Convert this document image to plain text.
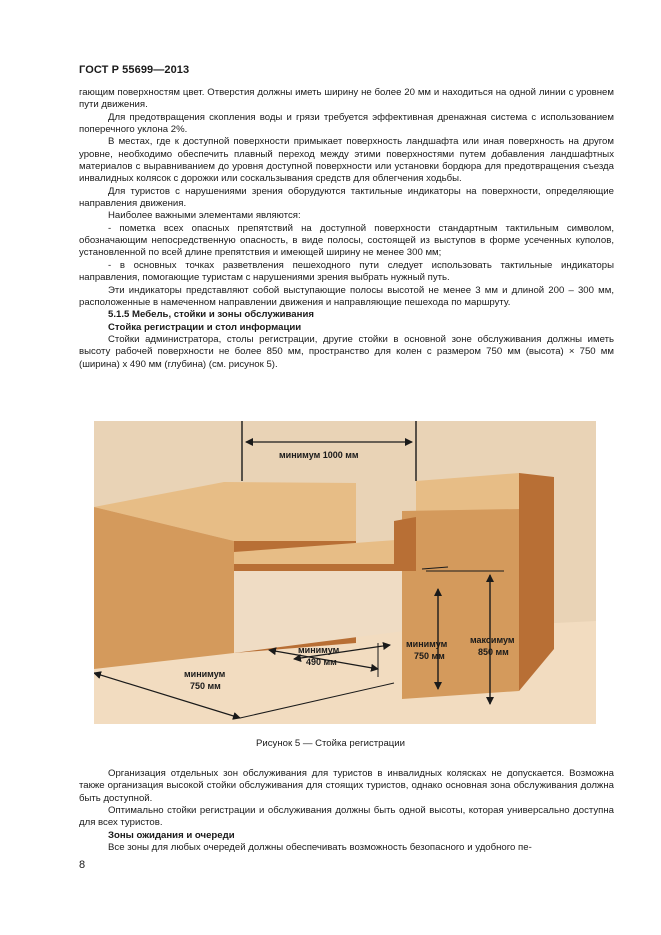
ГОСТ Р 55699—2013

гающим поверхностям цвет. Отверстия должны иметь ширину не более 20 мм и находиться на одной линии с уровнем пути движения.

Для предотвращения скопления воды и грязи требуется эффективная дренажная система с использованием поперечного уклона 2%.

В местах, где к доступной поверхности примыкает поверхность ландшафта или иная поверхность на другом уровне, необходимо обеспечить плавный переход между этими поверхностями путем добавления ландшафтных материалов с выравниванием до уровня доступной поверхности или установки бордюра для предотвращения съезда инвалидных колясок с дорожки или соскальзывания средств для облегчения ходьбы.

Для туристов с нарушениями зрения оборудуются тактильные индикаторы на поверхности, определяющие направления движения.

Наиболее важными элементами являются:

- пометка всех опасных препятствий на доступной поверхности стандартным тактильным символом, обозначающим непосредственную опасность, в виде полосы, состоящей из выступов в форме усеченных куполов, установленной по всей длине препятствия и имеющей ширину не менее 300 мм;

- в основных точках разветвления пешеходного пути следует использовать тактильные индикаторы направления, помогающие туристам с нарушениями зрения выбрать нужный путь.

Эти индикаторы представляют собой выступающие полосы высотой не менее 3 мм и длиной 200 – 300 мм, расположенные в намеченном направлении движения и направляющие пешехода по маршруту.

5.1.5 Мебель, стойки и зоны обслуживания

Стойка регистрации и стол информации

Стойки администратора, столы регистрации, другие стойки в основной зоне обслуживания должны иметь высоту рабочей поверхности не более 850 мм, пространство для колен с размером 750 мм (высота) × 750 мм (ширина) х 490 мм (глубина) (см. рисунок 5).

минимум 1000 мм
минимум
490 мм
минимум
750 мм
минимум
750 мм
максимум
850 мм
Рисунок 5 — Стойка регистрации

Организация отдельных зон обслуживания для туристов в инвалидных колясках не допускается. Возможна также организация высокой стойки обслуживания для стоящих туристов, однако основная зона обслуживания должна быть доступной.

Оптимально стойки регистрации и обслуживания должны быть одной высоты, которая универсально доступна для всех туристов.

Зоны ожидания и очереди

Все зоны для любых очередей должны обеспечивать возможность безопасного и удобного пе-

8
